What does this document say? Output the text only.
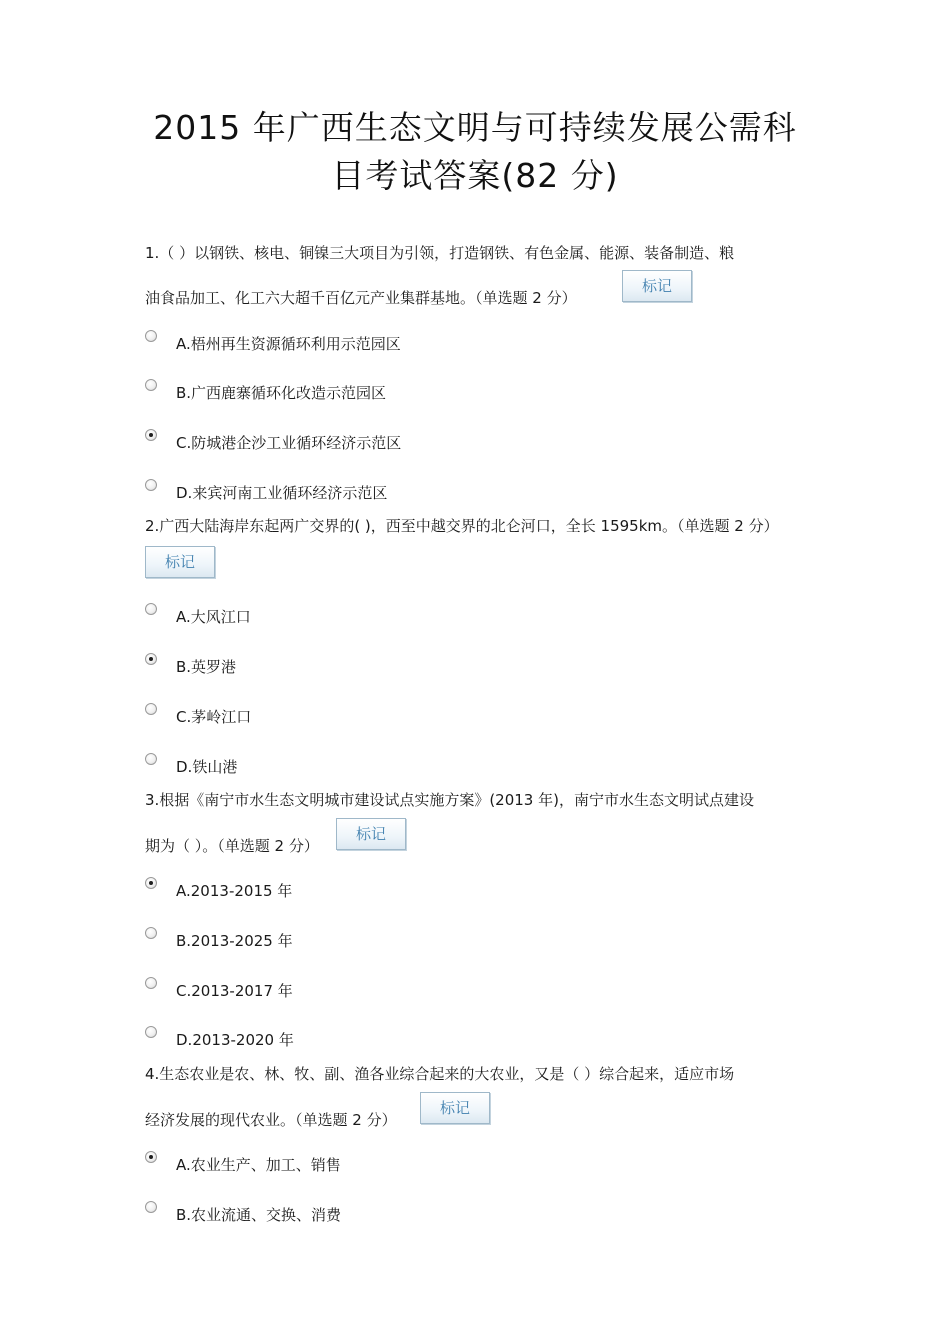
2015 年广西生态文明与可持续发展公需科
目考试答案(82 分)
1.（ ）以钢铁、核电、铜镍三大项目为引领，打造钢铁、有色金属、能源、装备制造、粮
油食品加工、化工六大超千百亿元产业集群基地。（单选题 2 分）
标记
A.梧州再生资源循环利用示范园区
B.广西鹿寨循环化改造示范园区
C.防城港企沙工业循环经济示范区
D.来宾河南工业循环经济示范区
2.广西大陆海岸东起两广交界的( )，西至中越交界的北仑河口，全长 1595km。（单选题 2 分）
标记
A.大风江口
B.英罗港
C.茅岭江口
D.铁山港
3.根据《南宁市水生态文明城市建设试点实施方案》(2013 年)，南宁市水生态文明试点建设
期为（ ）。（单选题 2 分）
标记
A.2013-2015 年
B.2013-2025 年
C.2013-2017 年
D.2013-2020 年
4.生态农业是农、林、牧、副、渔各业综合起来的大农业，又是（ ）综合起来，适应市场
经济发展的现代农业。（单选题 2 分）
标记
A.农业生产、加工、销售
B.农业流通、交换、消费
